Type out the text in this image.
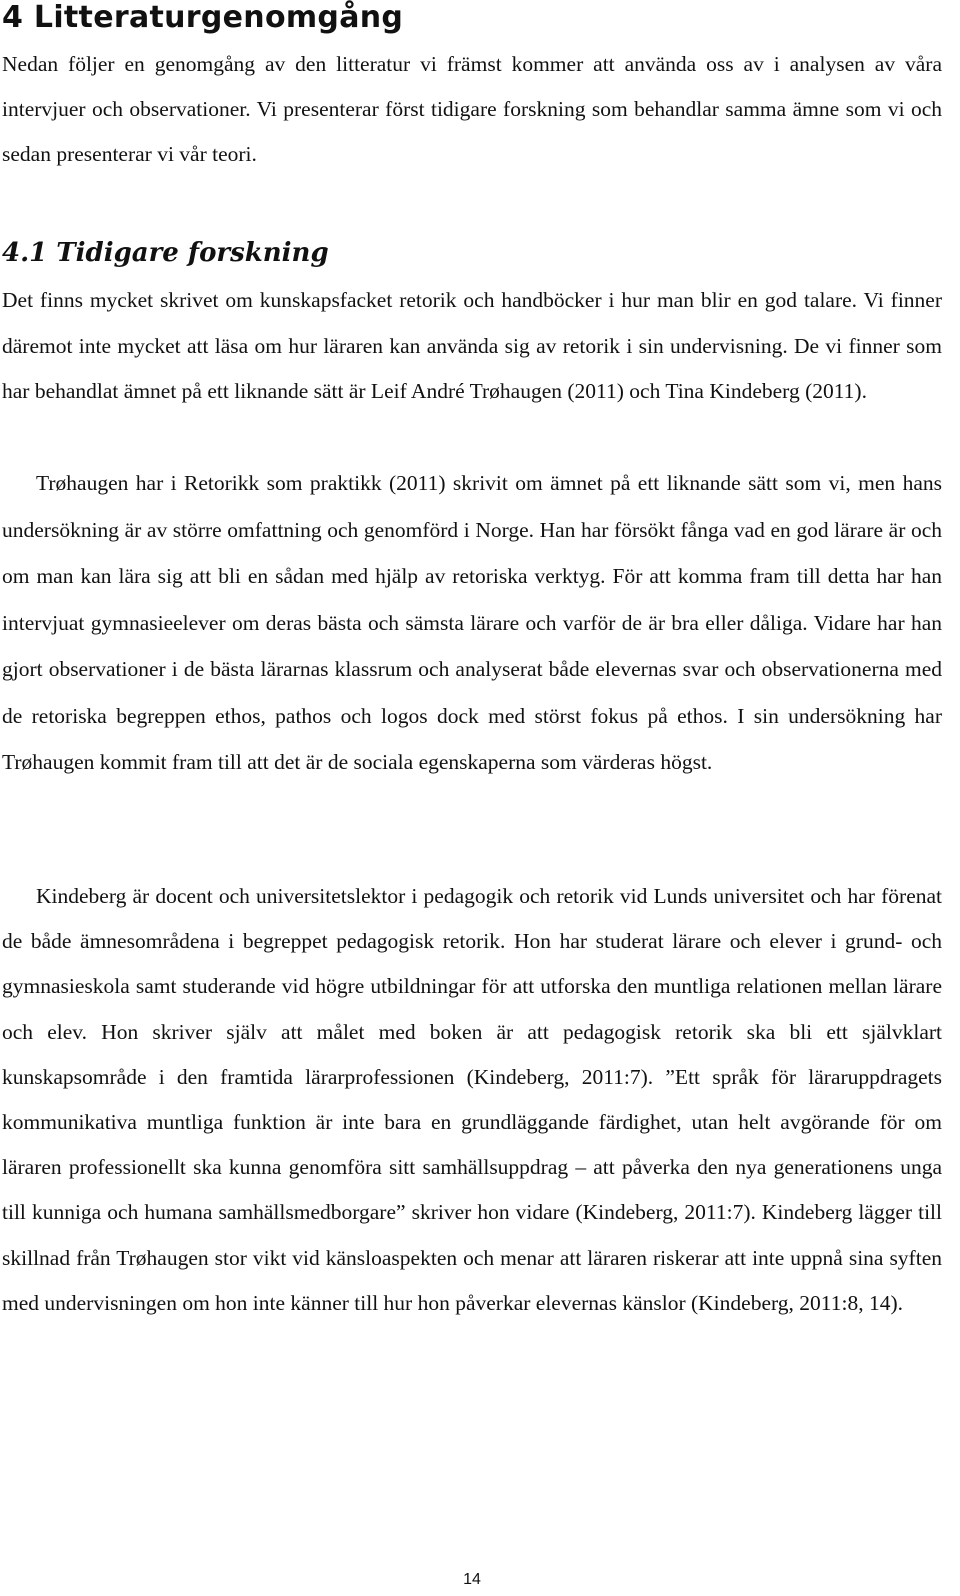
4 Litteraturgenomgång

Nedan följer en genomgång av den litteratur vi främst kommer att använda oss av i analysen av våra intervjuer och observationer. Vi presenterar först tidigare forskning som behandlar samma ämne som vi och sedan presenterar vi vår teori.

4.1 Tidigare forskning

Det finns mycket skrivet om kunskapsfacket retorik och handböcker i hur man blir en god talare. Vi finner däremot inte mycket att läsa om hur läraren kan använda sig av retorik i sin undervisning. De vi finner som har behandlat ämnet på ett liknande sätt är Leif André Trøhaugen (2011) och Tina Kindeberg (2011).

Trøhaugen har i Retorikk som praktikk (2011) skrivit om ämnet på ett liknande sätt som vi, men hans undersökning är av större omfattning och genomförd i Norge. Han har försökt fånga vad en god lärare är och om man kan lära sig att bli en sådan med hjälp av retoriska verktyg. För att komma fram till detta har han intervjuat gymnasieelever om deras bästa och sämsta lärare och varför de är bra eller dåliga. Vidare har han gjort observationer i de bästa lärarnas klassrum och analyserat både elevernas svar och observationerna med de retoriska begreppen ethos, pathos och logos dock med störst fokus på ethos. I sin undersökning har Trøhaugen kommit fram till att det är de sociala egenskaperna som värderas högst.

Kindeberg är docent och universitetslektor i pedagogik och retorik vid Lunds universitet och har förenat de både ämnesområdena i begreppet pedagogisk retorik. Hon har studerat lärare och elever i grund- och gymnasieskola samt studerande vid högre utbildningar för att utforska den muntliga relationen mellan lärare och elev. Hon skriver själv att målet med boken är att pedagogisk retorik ska bli ett självklart kunskapsområde i den framtida lärarprofessionen (Kindeberg, 2011:7). ”Ett språk för läraruppdragets kommunikativa muntliga funktion är inte bara en grundläggande färdighet, utan helt avgörande för om läraren professionellt ska kunna genomföra sitt samhällsuppdrag – att påverka den nya generationens unga till kunniga och humana samhällsmedborgare” skriver hon vidare (Kindeberg, 2011:7). Kindeberg lägger till skillnad från Trøhaugen stor vikt vid känsloaspekten och menar att läraren riskerar att inte uppnå sina syften med undervisningen om hon inte känner till hur hon påverkar elevernas känslor (Kindeberg, 2011:8, 14).

14
